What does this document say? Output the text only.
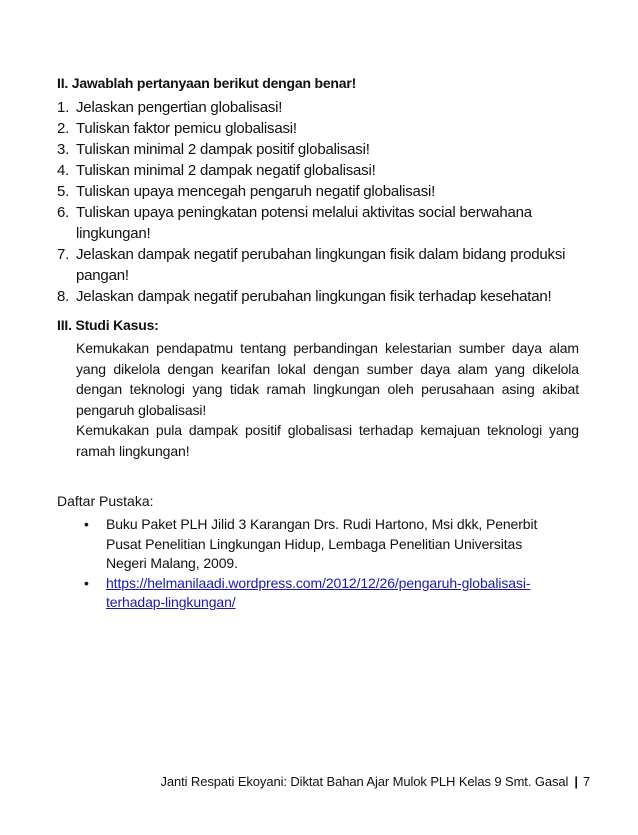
II. Jawablah pertanyaan berikut dengan benar!
1. Jelaskan pengertian globalisasi!
2. Tuliskan faktor pemicu globalisasi!
3. Tuliskan minimal 2 dampak positif globalisasi!
4. Tuliskan minimal 2 dampak negatif globalisasi!
5. Tuliskan upaya mencegah pengaruh negatif globalisasi!
6. Tuliskan upaya peningkatan potensi melalui aktivitas social berwahana lingkungan!
7. Jelaskan dampak negatif perubahan lingkungan fisik dalam bidang produksi pangan!
8. Jelaskan dampak negatif perubahan lingkungan fisik terhadap kesehatan!
III. Studi Kasus:

Kemukakan pendapatmu tentang perbandingan kelestarian sumber daya alam yang dikelola dengan kearifan lokal dengan sumber daya alam yang dikelola dengan teknologi yang tidak ramah lingkungan oleh perusahaan asing akibat pengaruh globalisasi!

Kemukakan pula dampak positif globalisasi terhadap kemajuan teknologi yang ramah lingkungan!

Daftar Pustaka:
• Buku Paket PLH Jilid 3 Karangan Drs. Rudi Hartono, Msi dkk, Penerbit Pusat Penelitian Lingkungan Hidup, Lembaga Penelitian Universitas Negeri Malang, 2009.
• https://helmanilaadi.wordpress.com/2012/12/26/pengaruh-globalisasi-terhadap-lingkungan/
Janti Respati Ekoyani: Diktat Bahan Ajar Mulok PLH Kelas 9 Smt. Gasal | 7
